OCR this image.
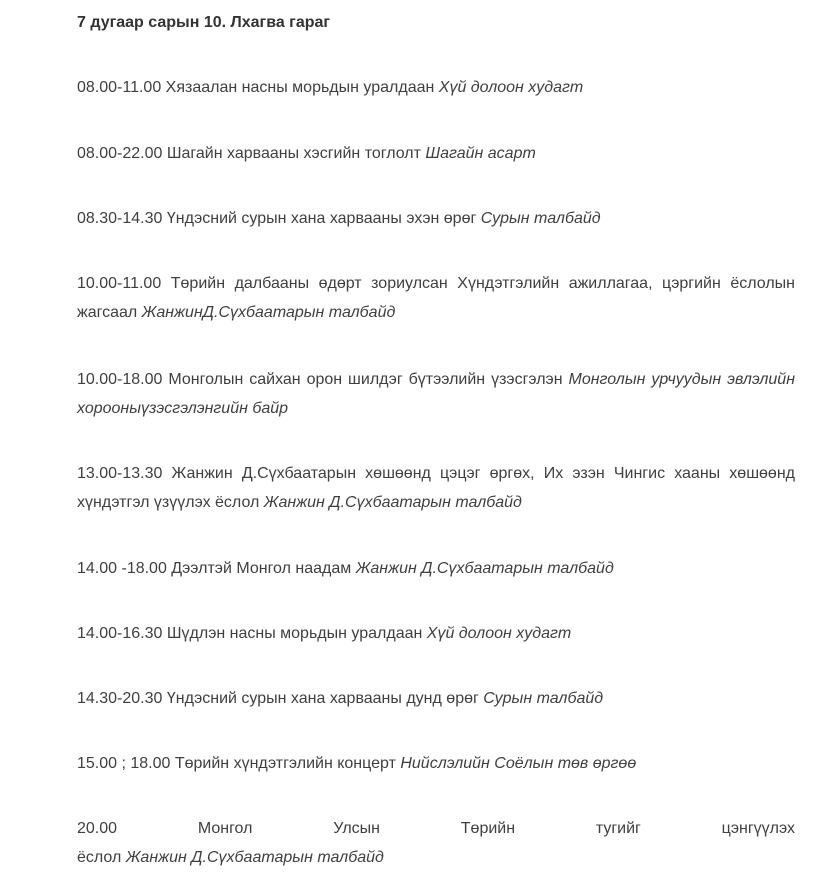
7 дугаар сарын 10. Лхагва гараг

08.00-11.00 Хязаалан насны морьдын уралдаан Хүй долоон худагт

08.00-22.00 Шагайн харвааны хэсгийн тоглолт Шагайн асарт

08.30-14.30 Үндэсний сурын хана харвааны эхэн өрөг Сурын талбайд

10.00-11.00 Төрийн далбааны өдөрт зориулсан Хүндэтгэлийн ажиллагаа, цэргийн ёслолын жагсаал ЖанжинД.Сүхбаатарын талбайд

10.00-18.00 Монголын сайхан орон шилдэг бүтээлийн үзэсгэлэн Монголын урчуудын эвлэлийн хорооныүзэсгэлэнгийн байр

13.00-13.30 Жанжин Д.Сүхбаатарын хөшөөнд цэцэг өргөх, Их эзэн Чингис хааны хөшөөнд хүндэтгэл үзүүлэх ёслол Жанжин Д.Сүхбаатарын талбайд

14.00 -18.00 Дээлтэй Монгол наадам Жанжин Д.Сүхбаатарын талбайд

14.00-16.30 Шүдлэн насны морьдын уралдаан Хүй долоон худагт

14.30-20.30 Үндэсний сурын хана харвааны дунд өрөг Сурын талбайд

15.00 ; 18.00 Төрийн хүндэтгэлийн концерт Нийслэлийн Соёлын төв өргөө

20.00	Монгол	Улсын	Төрийн	тугийг	цэнгүүлэх
ёслол Жанжин Д.Сүхбаатарын талбайд
